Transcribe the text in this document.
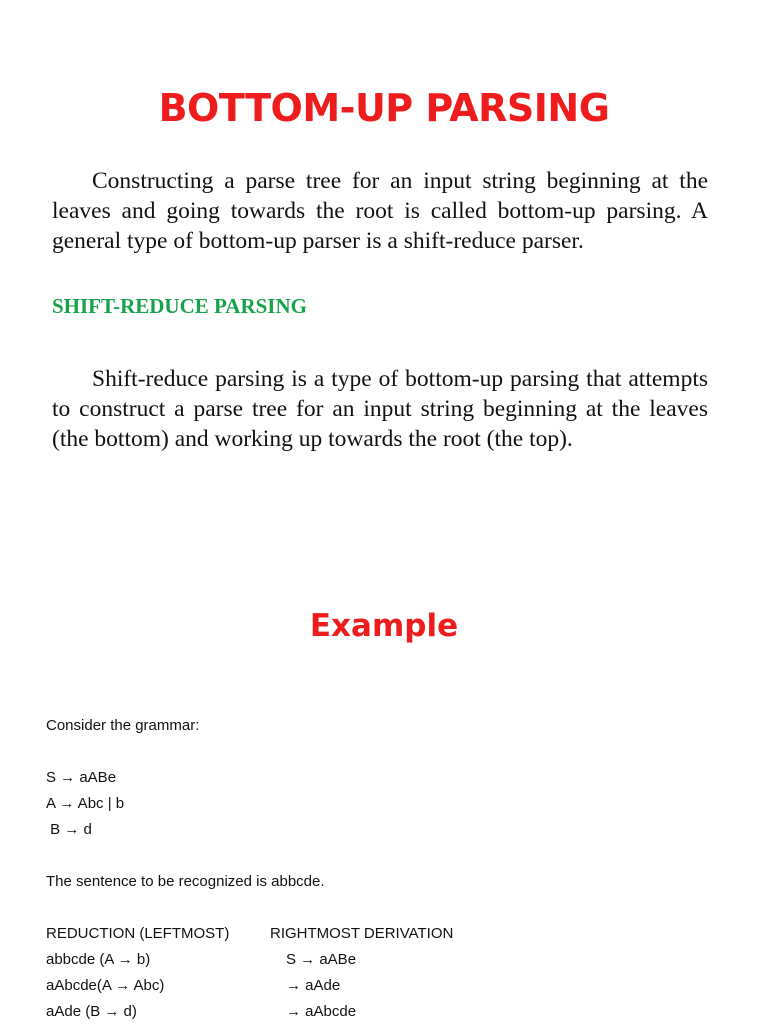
BOTTOM-UP PARSING

Constructing a parse tree for an input string beginning at the leaves and going towards the root is called bottom-up parsing. A general type of bottom-up parser is a shift-reduce parser.

SHIFT-REDUCE PARSING

Shift-reduce parsing is a type of bottom-up parsing that attempts to construct a parse tree for an input string beginning at the leaves (the bottom) and working up towards the root (the top).

Example
Consider the grammar:
S → aABe
A → Abc | b
B → d
The sentence to be recognized is abbcde.
REDUCTION (LEFTMOST)	RIGHTMOST DERIVATION
abbcde (A → b)	S → aABe
aAbcde(A → Abc)	→ aAde
aAde (B → d)	→ aAbcde
